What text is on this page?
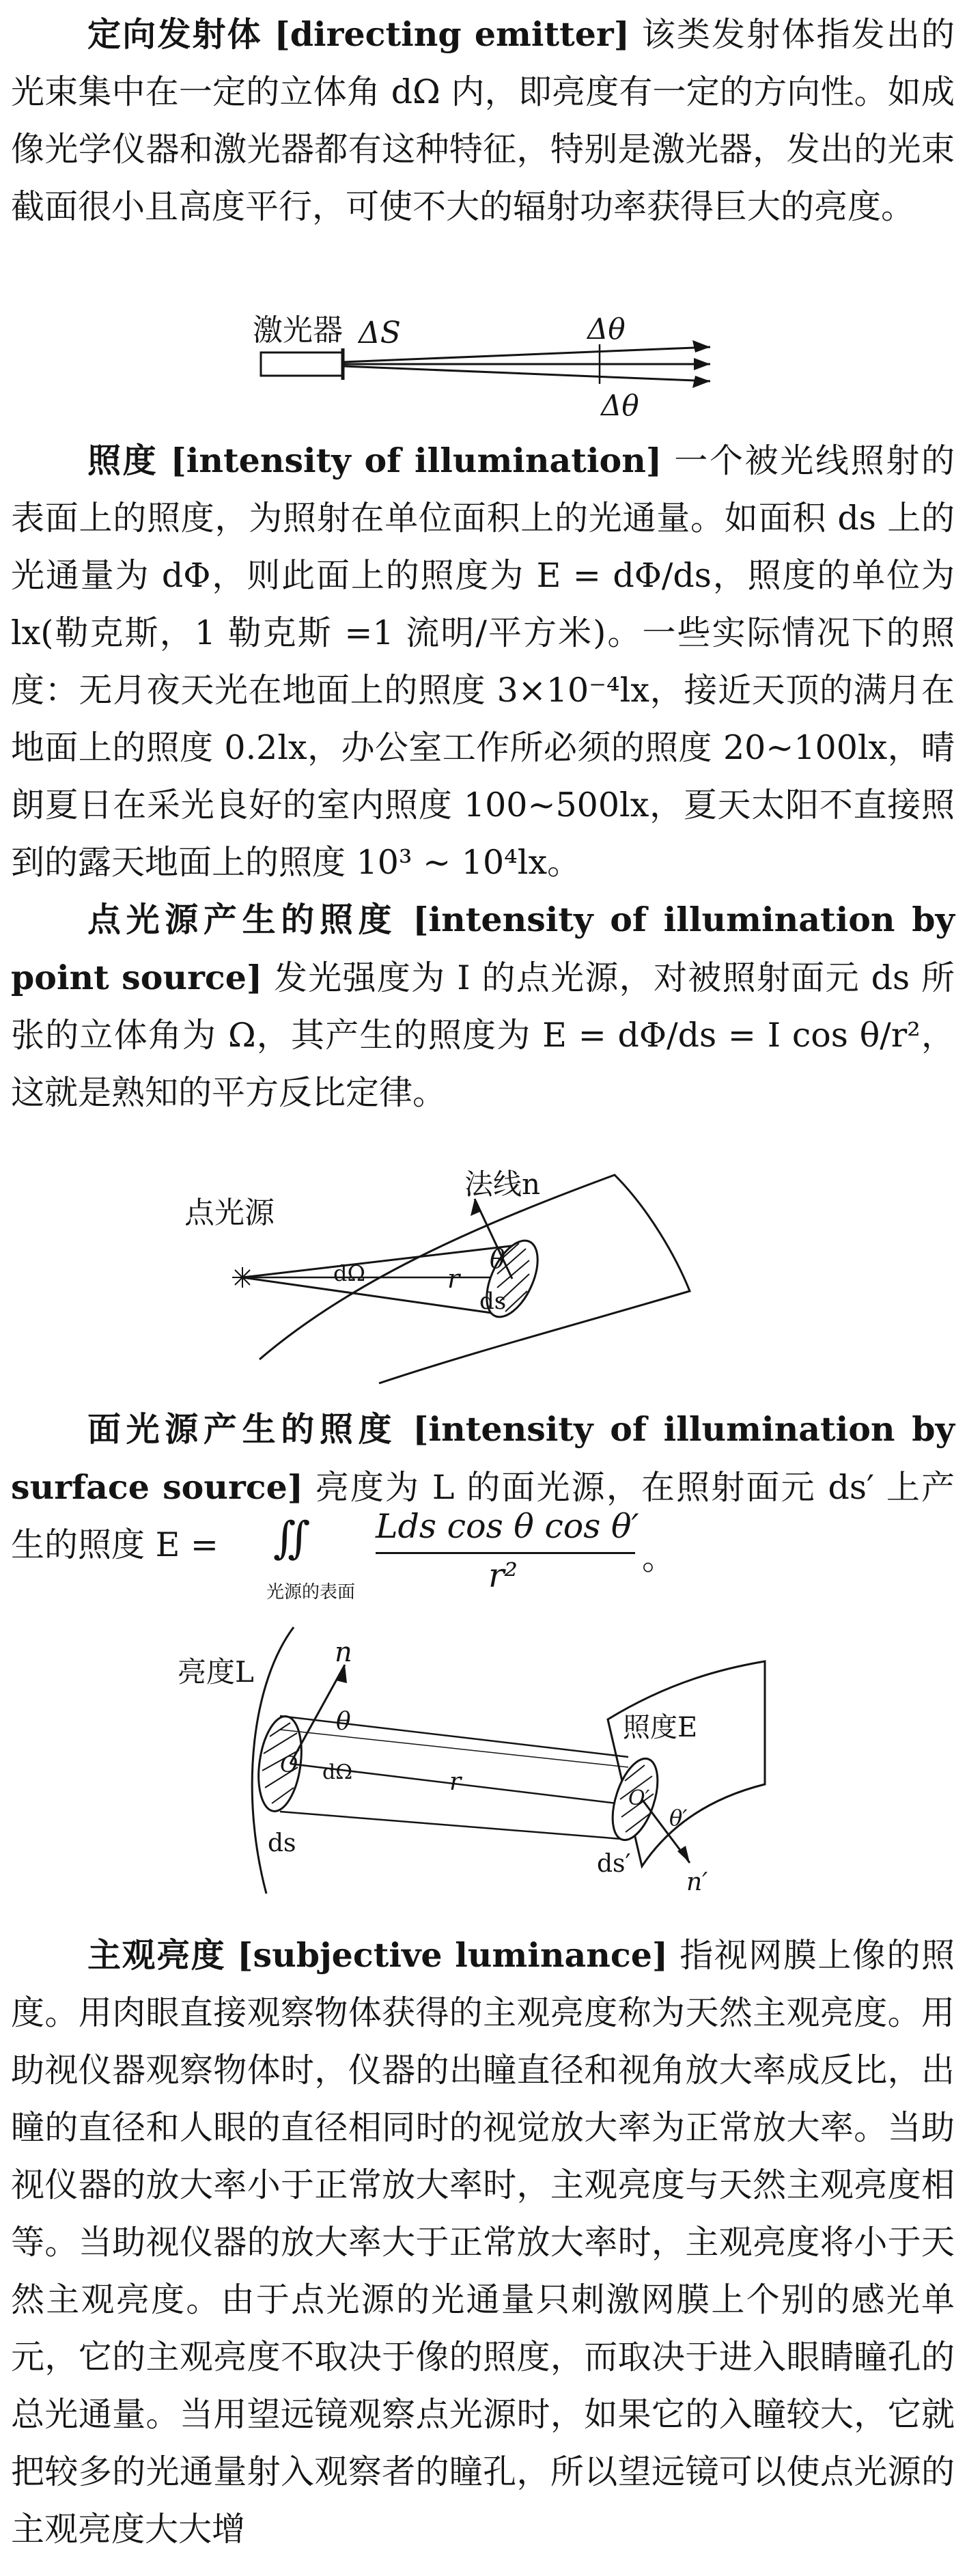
定向发射体 [directing emitter] 该类发射体指发出的光束集中在一定的立体角 dΩ 内，即亮度有一定的方向性。如成像光学仪器和激光器都有这种特征，特别是激光器，发出的光束截面很小且高度平行，可使不大的辐射功率获得巨大的亮度。

激光器 ΔS	Δθ
Δθ

照度 [intensity of illumination] 一个被光线照射的表面上的照度，为照射在单位面积上的光通量。如面积 ds 上的光通量为 dΦ，则此面上的照度为 E = dΦ/ds，照度的单位为 lx(勒克斯，1 勒克斯 =1 流明/平方米)。一些实际情况下的照度：无月夜天光在地面上的照度 3×10⁻⁴lx，接近天顶的满月在地面上的照度 0.2lx，办公室工作所必须的照度 20∼100lx，晴朗夏日在采光良好的室内照度 100∼500lx，夏天太阳不直接照到的露天地面上的照度 10³ ∼ 10⁴lx。

点光源产生的照度 [intensity of illumination by point source] 发光强度为 I 的点光源，对被照射面元 ds 所张的立体角为 Ω，其产生的照度为 E = dΦ/ds = I cos θ/r²，这就是熟知的平方反比定律。

点光源
法线n
dΩ	r
θ
ds

面光源产生的照度 [intensity of illumination by surface source] 亮度为 L 的面光源，在照射面元 ds′ 上产生的照度 E =	∬
光源的表面
Lds cos θ cos θ′
r²	。
亮度L
n
θ
O dΩ	r
ds
照度E
O′
θ′
ds′
n′

主观亮度 [subjective luminance] 指视网膜上像的照度。用肉眼直接观察物体获得的主观亮度称为天然主观亮度。用助视仪器观察物体时，仪器的出瞳直径和视角放大率成反比，出瞳的直径和人眼的直径相同时的视觉放大率为正常放大率。当助视仪器的放大率小于正常放大率时，主观亮度与天然主观亮度相等。当助视仪器的放大率大于正常放大率时，主观亮度将小于天然主观亮度。由于点光源的光通量只刺激网膜上个别的感光单元，它的主观亮度不取决于像的照度，而取决于进入眼睛瞳孔的总光通量。当用望远镜观察点光源时，如果它的入瞳较大，它就把较多的光通量射入观察者的瞳孔，所以望远镜可以使点光源的主观亮度大大增
